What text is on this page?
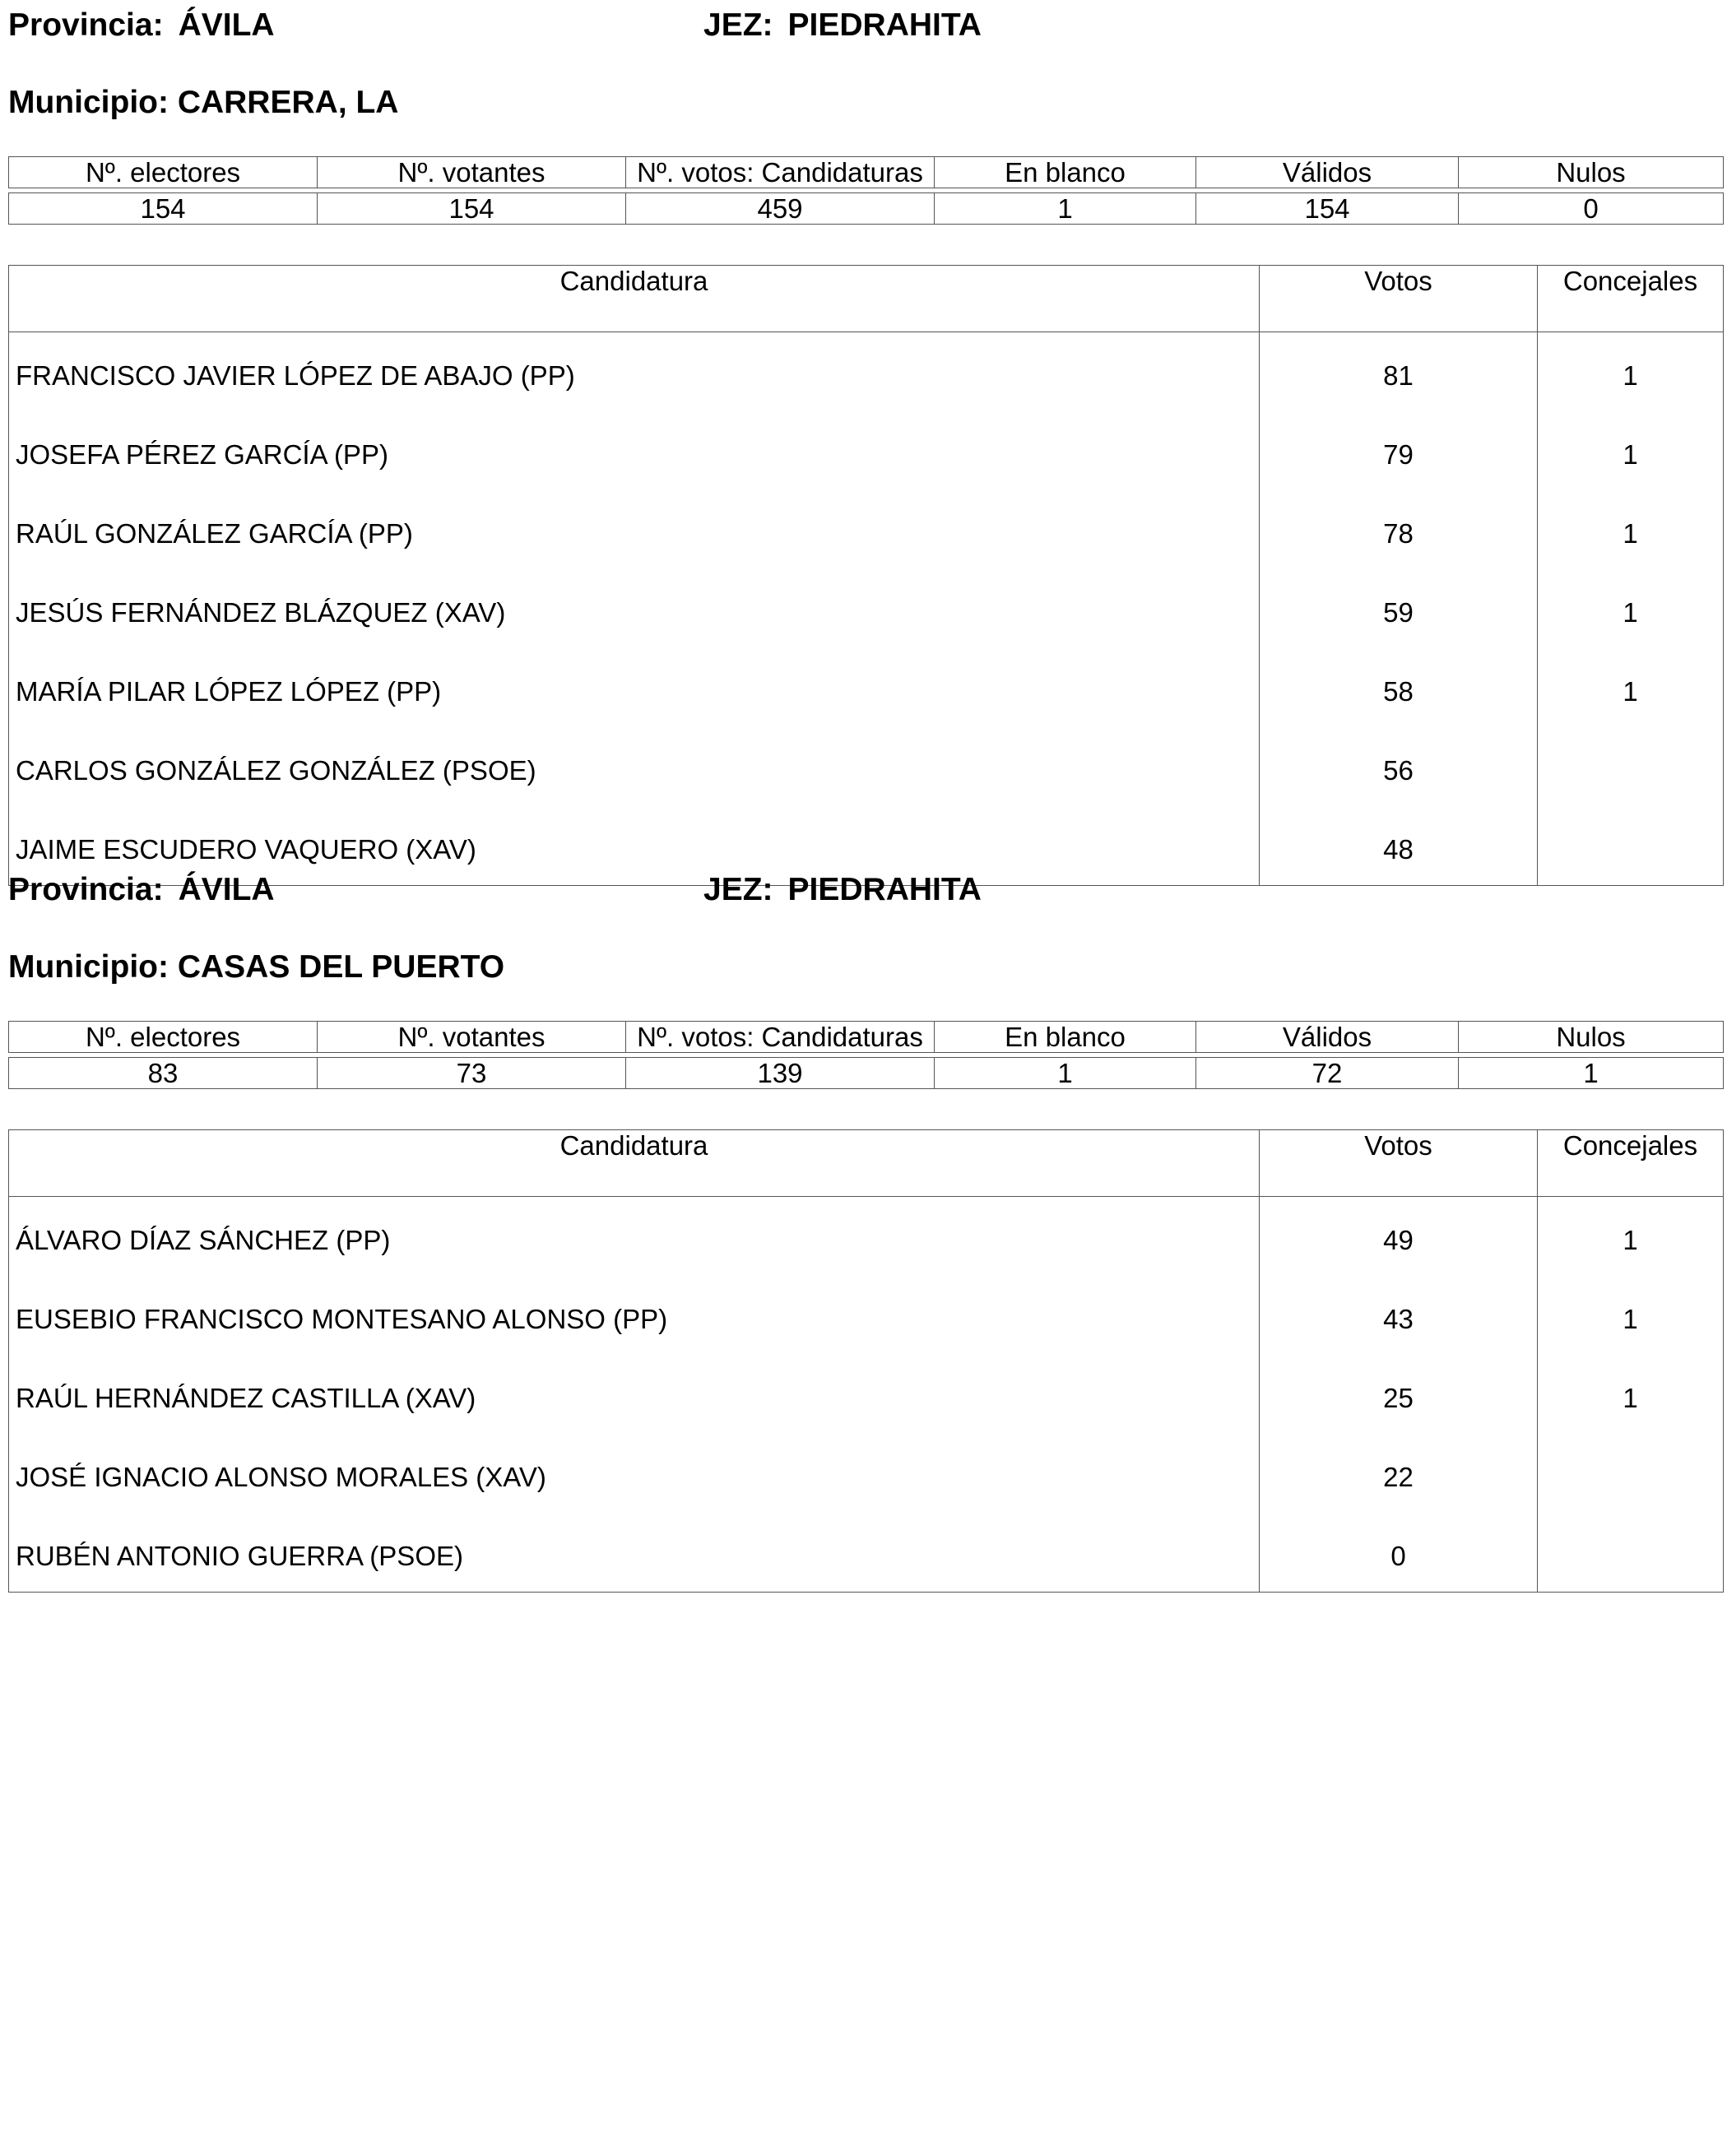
Provincia: ÁVILA	JEZ: PIEDRAHITA
Municipio: CARRERA, LA
Nº. electores	Nº. votantes	Nº. votos: Candidaturas	En blanco	Válidos	Nulos

154	154	459	1	154	0
Candidatura	Votos	Concejales
FRANCISCO JAVIER LÓPEZ DE ABAJO (PP)	81	1
JOSEFA PÉREZ GARCÍA (PP)	79	1
RAÚL GONZÁLEZ GARCÍA (PP)	78	1
JESÚS FERNÁNDEZ BLÁZQUEZ (XAV)	59	1
MARÍA PILAR LÓPEZ LÓPEZ (PP)	58	1
CARLOS GONZÁLEZ GONZÁLEZ (PSOE)	56	
JAIME ESCUDERO VAQUERO (XAV)	48	
Provincia: ÁVILA	JEZ: PIEDRAHITA
Municipio: CASAS DEL PUERTO
Nº. electores	Nº. votantes	Nº. votos: Candidaturas	En blanco	Válidos	Nulos

83	73	139	1	72	1
Candidatura	Votos	Concejales
ÁLVARO DÍAZ SÁNCHEZ (PP)	49	1
EUSEBIO FRANCISCO MONTESANO ALONSO (PP)	43	1
RAÚL HERNÁNDEZ CASTILLA (XAV)	25	1
JOSÉ IGNACIO ALONSO MORALES (XAV)	22	
RUBÉN ANTONIO GUERRA (PSOE)	0	
